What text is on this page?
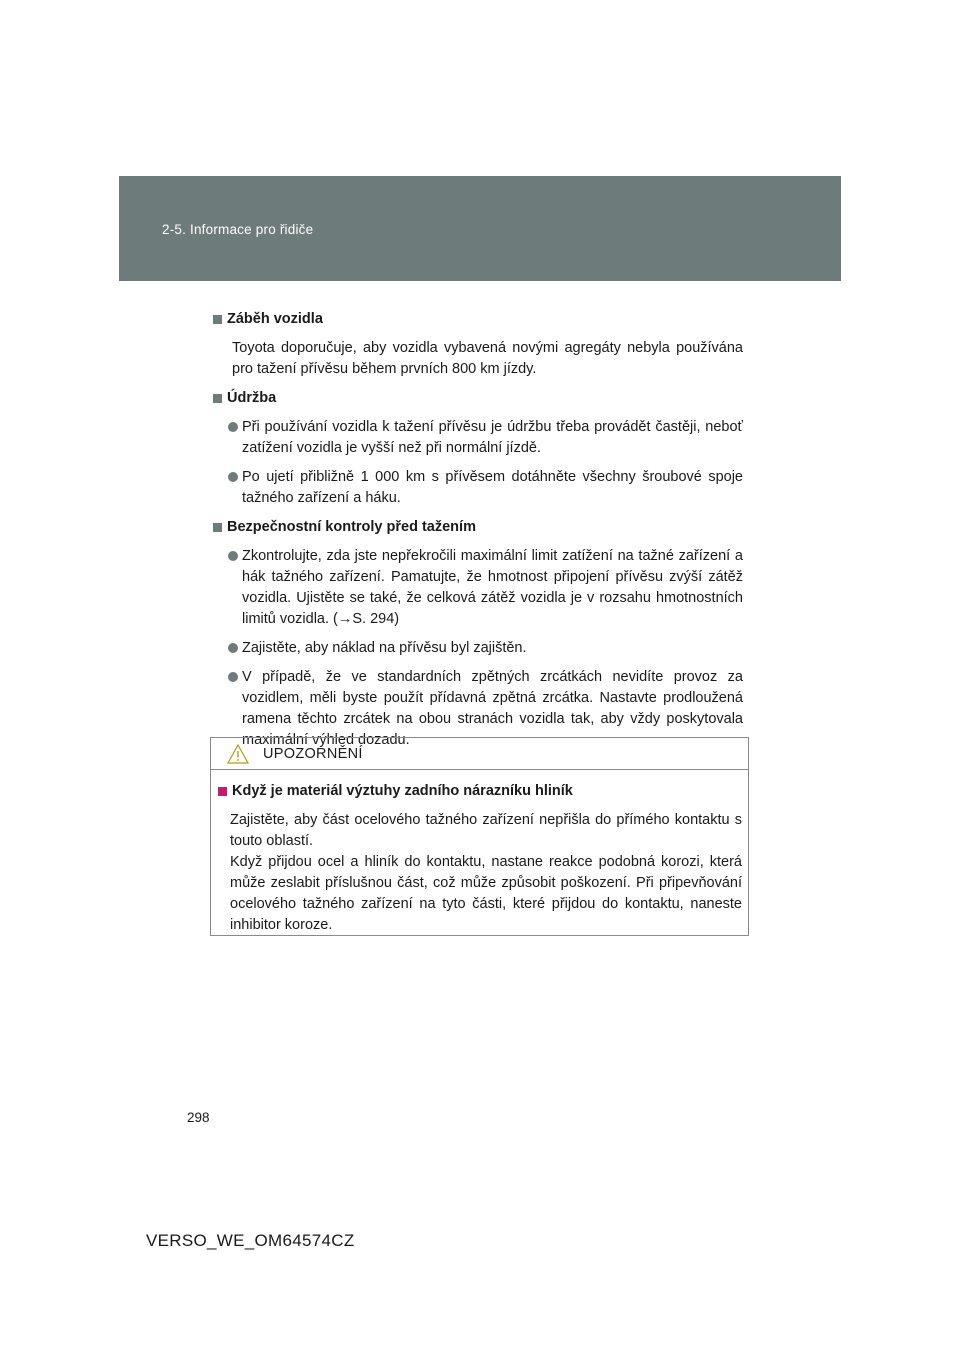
2-5. Informace pro řidiče
Záběh vozidla
Toyota doporučuje, aby vozidla vybavená novými agregáty nebyla používána pro tažení přívěsu během prvních 800 km jízdy.
Údržba
Při používání vozidla k tažení přívěsu je údržbu třeba provádět častěji, neboť zatížení vozidla je vyšší než při normální jízdě.
Po ujetí přibližně 1 000 km s přívěsem dotáhněte všechny šroubové spoje tažného zařízení a háku.
Bezpečnostní kontroly před tažením
Zkontrolujte, zda jste nepřekročili maximální limit zatížení na tažné zařízení a hák tažného zařízení. Pamatujte, že hmotnost připojení přívěsu zvýší zátěž vozidla. Ujistěte se také, že celková zátěž vozidla je v rozsahu hmotnostních limitů vozidla. (→S. 294)
Zajistěte, aby náklad na přívěsu byl zajištěn.
V případě, že ve standardních zpětných zrcátkách nevidíte provoz za vozidlem, měli byste použít přídavná zpětná zrcátka. Nastavte prodloužená ramena těchto zrcátek na obou stranách vozidla tak, aby vždy poskytovala maximální výhled dozadu.
UPOZORNĚNÍ
Když je materiál výztuhy zadního nárazníku hliník
Zajistěte, aby část ocelového tažného zařízení nepřišla do přímého kontaktu s touto oblastí.
Když přijdou ocel a hliník do kontaktu, nastane reakce podobná korozi, která může zeslabit příslušnou část, což může způsobit poškození. Při připevňování ocelového tažného zařízení na tyto části, které přijdou do kontaktu, naneste inhibitor koroze.
298
VERSO_WE_OM64574CZ
